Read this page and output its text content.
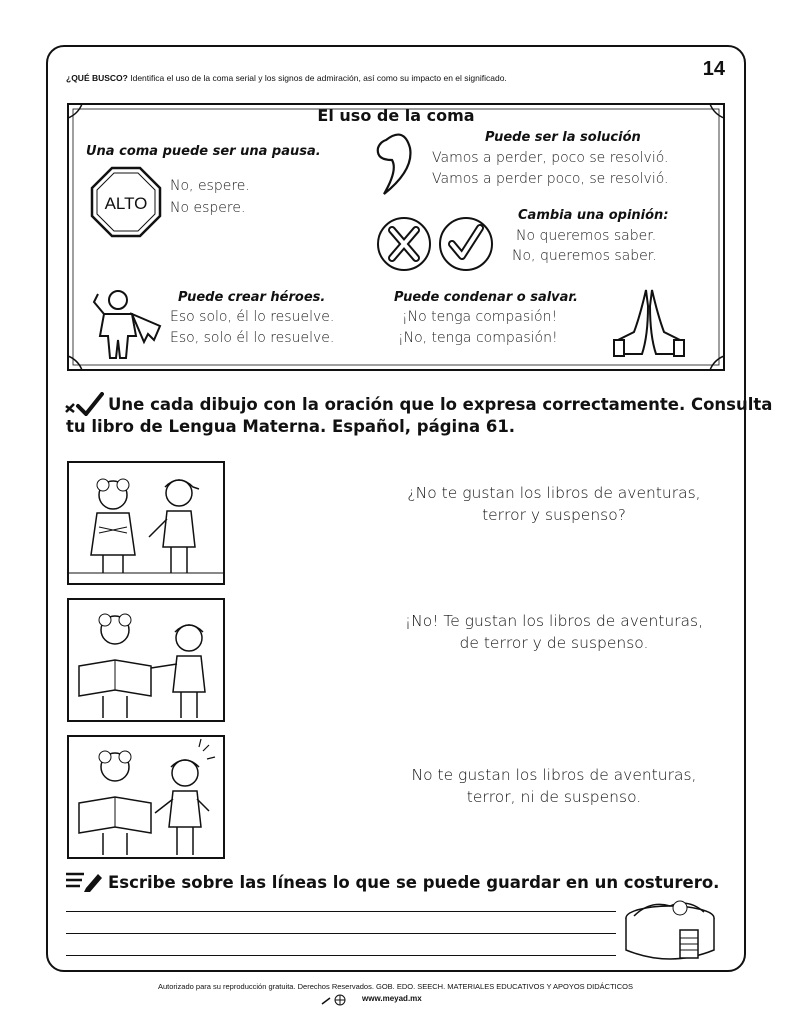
14
¿QUÉ BUSCO? Identifica el uso de la coma serial y los signos de admiración, así como su impacto en el significado.
El uso de la coma
Una coma puede ser una pausa.
ALTO
No, espere.
No espere.
Puede ser la solución
Vamos a perder, poco se resolvió.
Vamos a perder poco, se resolvió.
Cambia una opinión:
No queremos saber.
No, queremos saber.
Puede crear héroes.
Eso solo, él lo resuelve.
Eso, solo él lo resuelve.
Puede condenar o salvar.
¡No tenga compasión!
¡No, tenga compasión!
Une cada dibujo con la oración que lo expresa correctamente. Consulta
tu libro de Lengua Materna. Español, página 61.
¿No te gustan los libros de aventuras,
terror y suspenso?
¡No! Te gustan los libros de aventuras,
de terror y de suspenso.
No te gustan los libros de aventuras,
terror, ni de suspenso.
Escribe sobre las líneas lo que se puede guardar en un costurero.
Autorizado para su reproducción gratuita. Derechos Reservados. GOB. EDO. SEECH. MATERIALES EDUCATIVOS Y APOYOS DIDÁCTICOS
www.meyad.mx
